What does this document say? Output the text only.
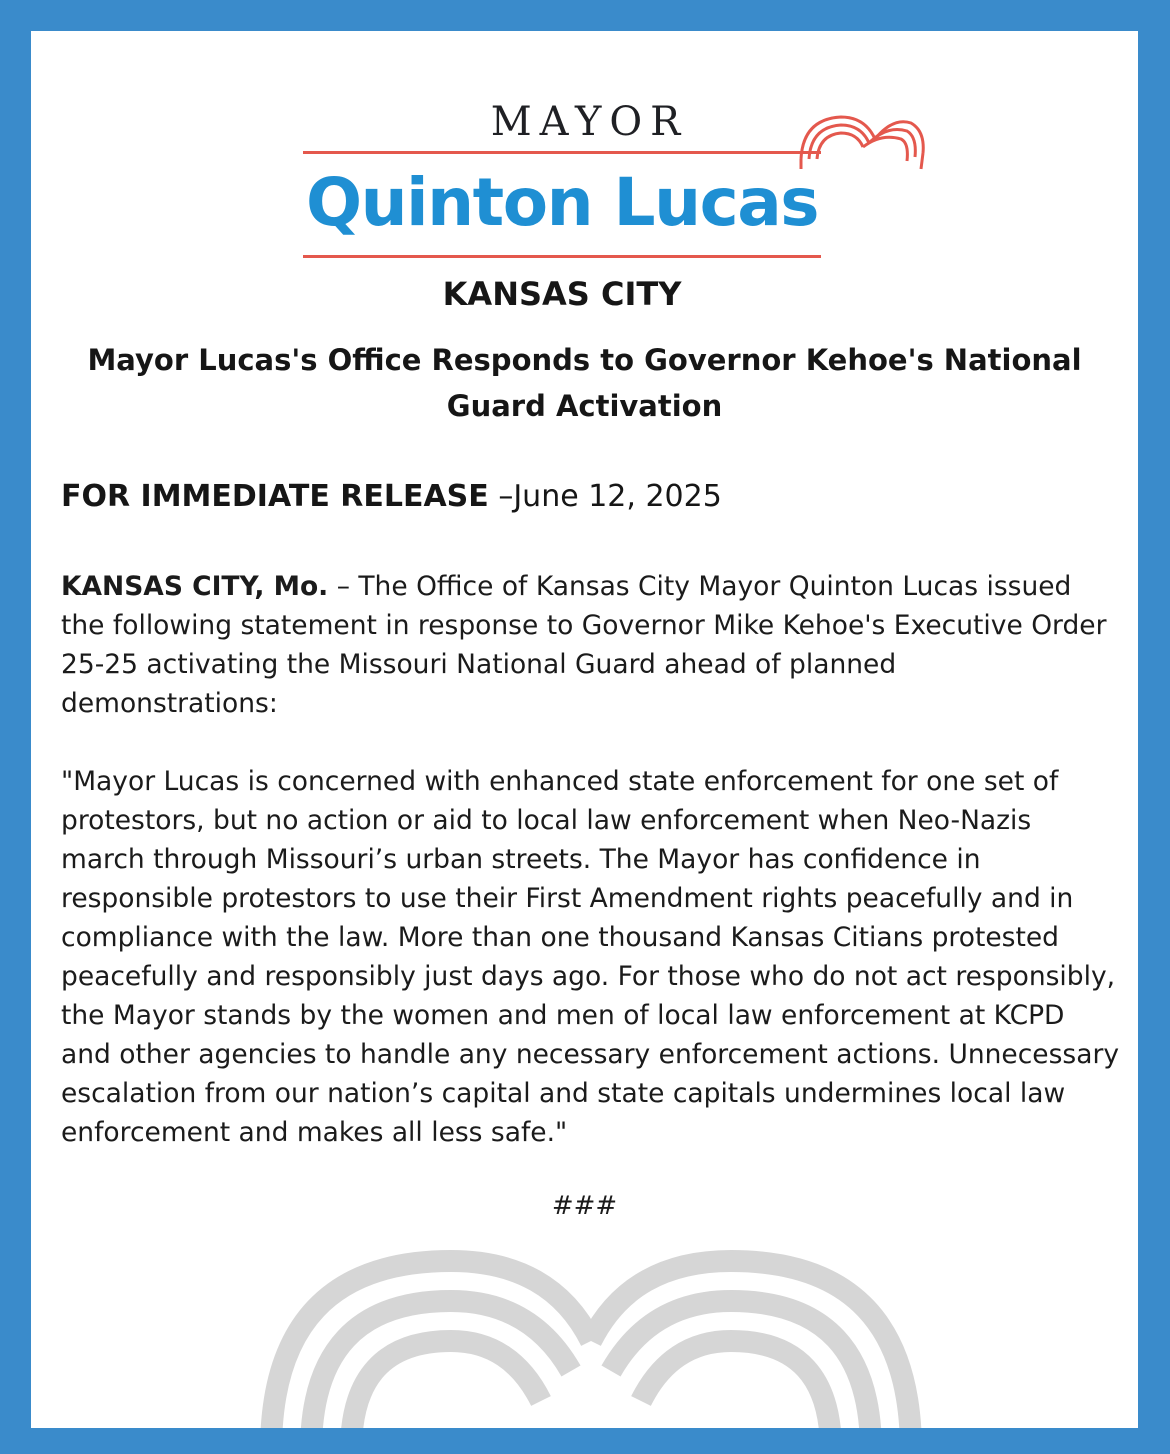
MAYOR
Quinton Lucas
KANSAS CITY
Mayor Lucas's Office Responds to Governor Kehoe's National Guard Activation
FOR IMMEDIATE RELEASE –June 12, 2025
KANSAS CITY, Mo. – The Office of Kansas City Mayor Quinton Lucas issued the following statement in response to Governor Mike Kehoe's Executive Order 25-25 activating the Missouri National Guard ahead of planned demonstrations:
"Mayor Lucas is concerned with enhanced state enforcement for one set of protestors, but no action or aid to local law enforcement when Neo-Nazis march through Missouri’s urban streets. The Mayor has confidence in responsible protestors to use their First Amendment rights peacefully and in compliance with the law. More than one thousand Kansas Citians protested peacefully and responsibly just days ago. For those who do not act responsibly, the Mayor stands by the women and men of local law enforcement at KCPD and other agencies to handle any necessary enforcement actions. Unnecessary escalation from our nation’s capital and state capitals undermines local law enforcement and makes all less safe."
###
